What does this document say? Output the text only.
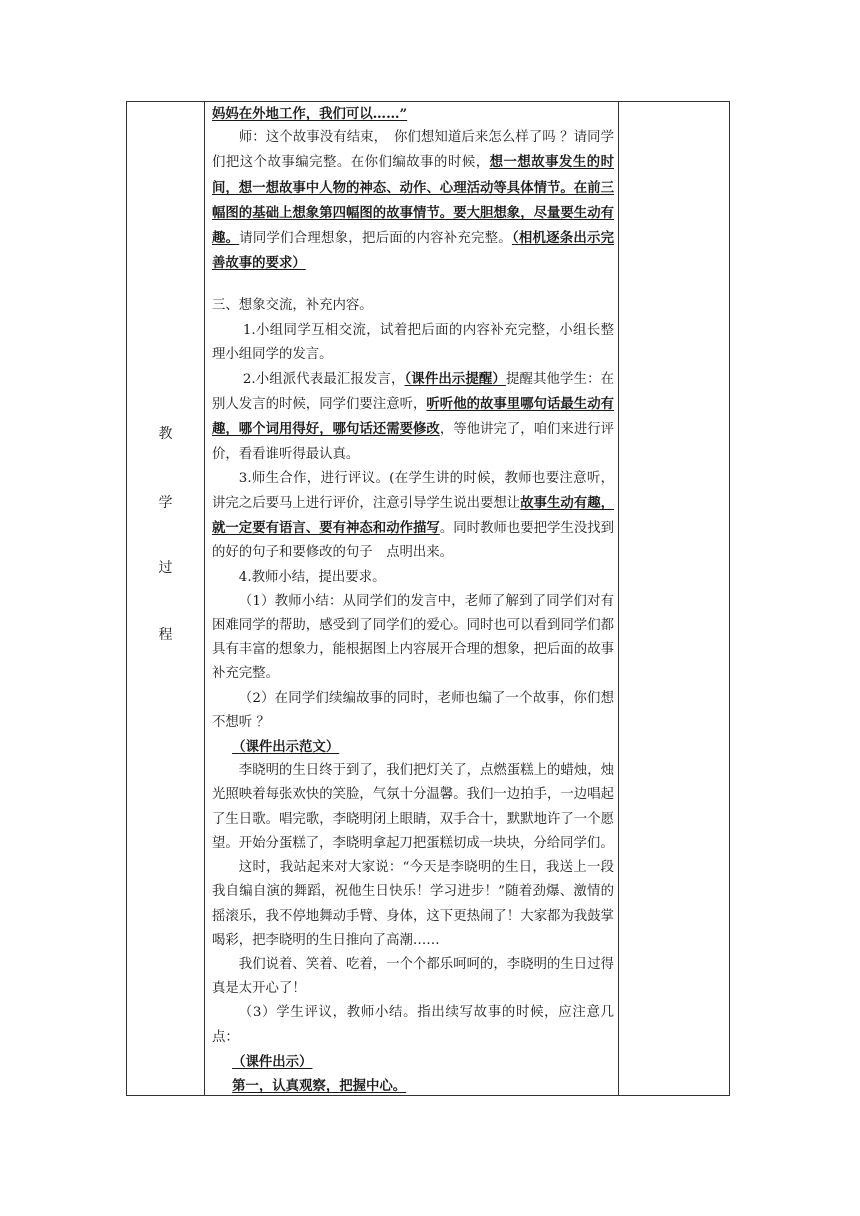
教
学
过
程

妈妈在外地工作，我们可以……”

师：这个故事没有结束，　你们想知道后来怎么样了吗 ？请同学们把这个故事编完整。在你们编故事的时候，想一想故事发生的时间，想一想故事中人物的神态、动作、心理活动等具体情节。在前三幅图的基础上想象第四幅图的故事情节。要大胆想象，尽量要生动有趣。请同学们合理想象，把后面的内容补充完整。（相机逐条出示完善故事的要求）

三、想象交流，补充内容。

1.小组同学互相交流，试着把后面的内容补充完整，小组长整理小组同学的发言。

2.小组派代表最汇报发言，（课件出示提醒）提醒其他学生：在别人发言的时候，同学们要注意听，听听他的故事里哪句话最生动有趣，哪个词用得好，哪句话还需要修改，等他讲完了，咱们来进行评价，看看谁听得最认真。

3.师生合作，进行评议。(在学生讲的时候，教师也要注意听，讲完之后要马上进行评价，注意引导学生说出要想让故事生动有趣，就一定要有语言、要有神态和动作描写。同时教师也要把学生没找到的好的句子和要修改的句子　点明出来。

4.教师小结，提出要求。

（1）教师小结：从同学们的发言中，老师了解到了同学们对有困难同学的帮助，感受到了同学们的爱心。同时也可以看到同学们都具有丰富的想象力，能根据图上内容展开合理的想象，把后面的故事补充完整。

（2）在同学们续编故事的同时，老师也编了一个故事，你们想不想听 ？

（课件出示范文）

李晓明的生日终于到了，我们把灯关了，点燃蛋糕上的蜡烛，烛光照映着每张欢快的笑脸，气氛十分温馨。我们一边拍手，一边唱起了生日歌。唱完歌，李晓明闭上眼睛，双手合十，默默地许了一个愿望。开始分蛋糕了，李晓明拿起刀把蛋糕切成一块块，分给同学们。

这时，我站起来对大家说：“今天是李晓明的生日，我送上一段 我自编自演的舞蹈，祝他生日快乐！学习进步！”随着劲爆、激情的摇滚乐，我不停地舞动手臂、身体，这下更热闹了！大家都为我鼓掌喝彩，把李晓明的生日推向了高潮……

我们说着、笑着、吃着，一个个都乐呵呵的，李晓明的生日过得真是太开心了！

（3）学生评议，教师小结。指出续写故事的时候，应注意几点：

（课件出示）

第一，认真观察，把握中心。
